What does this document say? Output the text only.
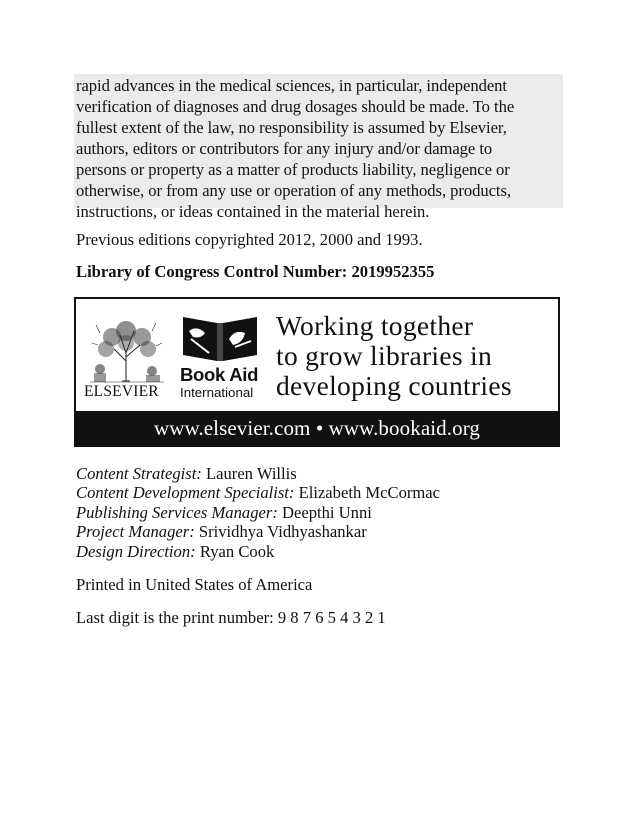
rapid advances in the medical sciences, in particular, independent
verification of diagnoses and drug dosages should be made. To the
fullest extent of the law, no responsibility is assumed by Elsevier,
authors, editors or contributors for any injury and/or damage to
persons or property as a matter of products liability, negligence or
otherwise, or from any use or operation of any methods, products,
instructions, or ideas contained in the material herein.
Previous editions copyrighted 2012, 2000 and 1993.
Library of Congress Control Number: 2019952355
ELSEVIER
Book Aid
International
Working together
to grow libraries in
developing countries
www.elsevier.com • www.bookaid.org
Content Strategist: Lauren Willis
Content Development Specialist: Elizabeth McCormac
Publishing Services Manager: Deepthi Unni
Project Manager: Srividhya Vidhyashankar
Design Direction: Ryan Cook
Printed in United States of America
Last digit is the print number: 9 8 7 6 5 4 3 2 1
